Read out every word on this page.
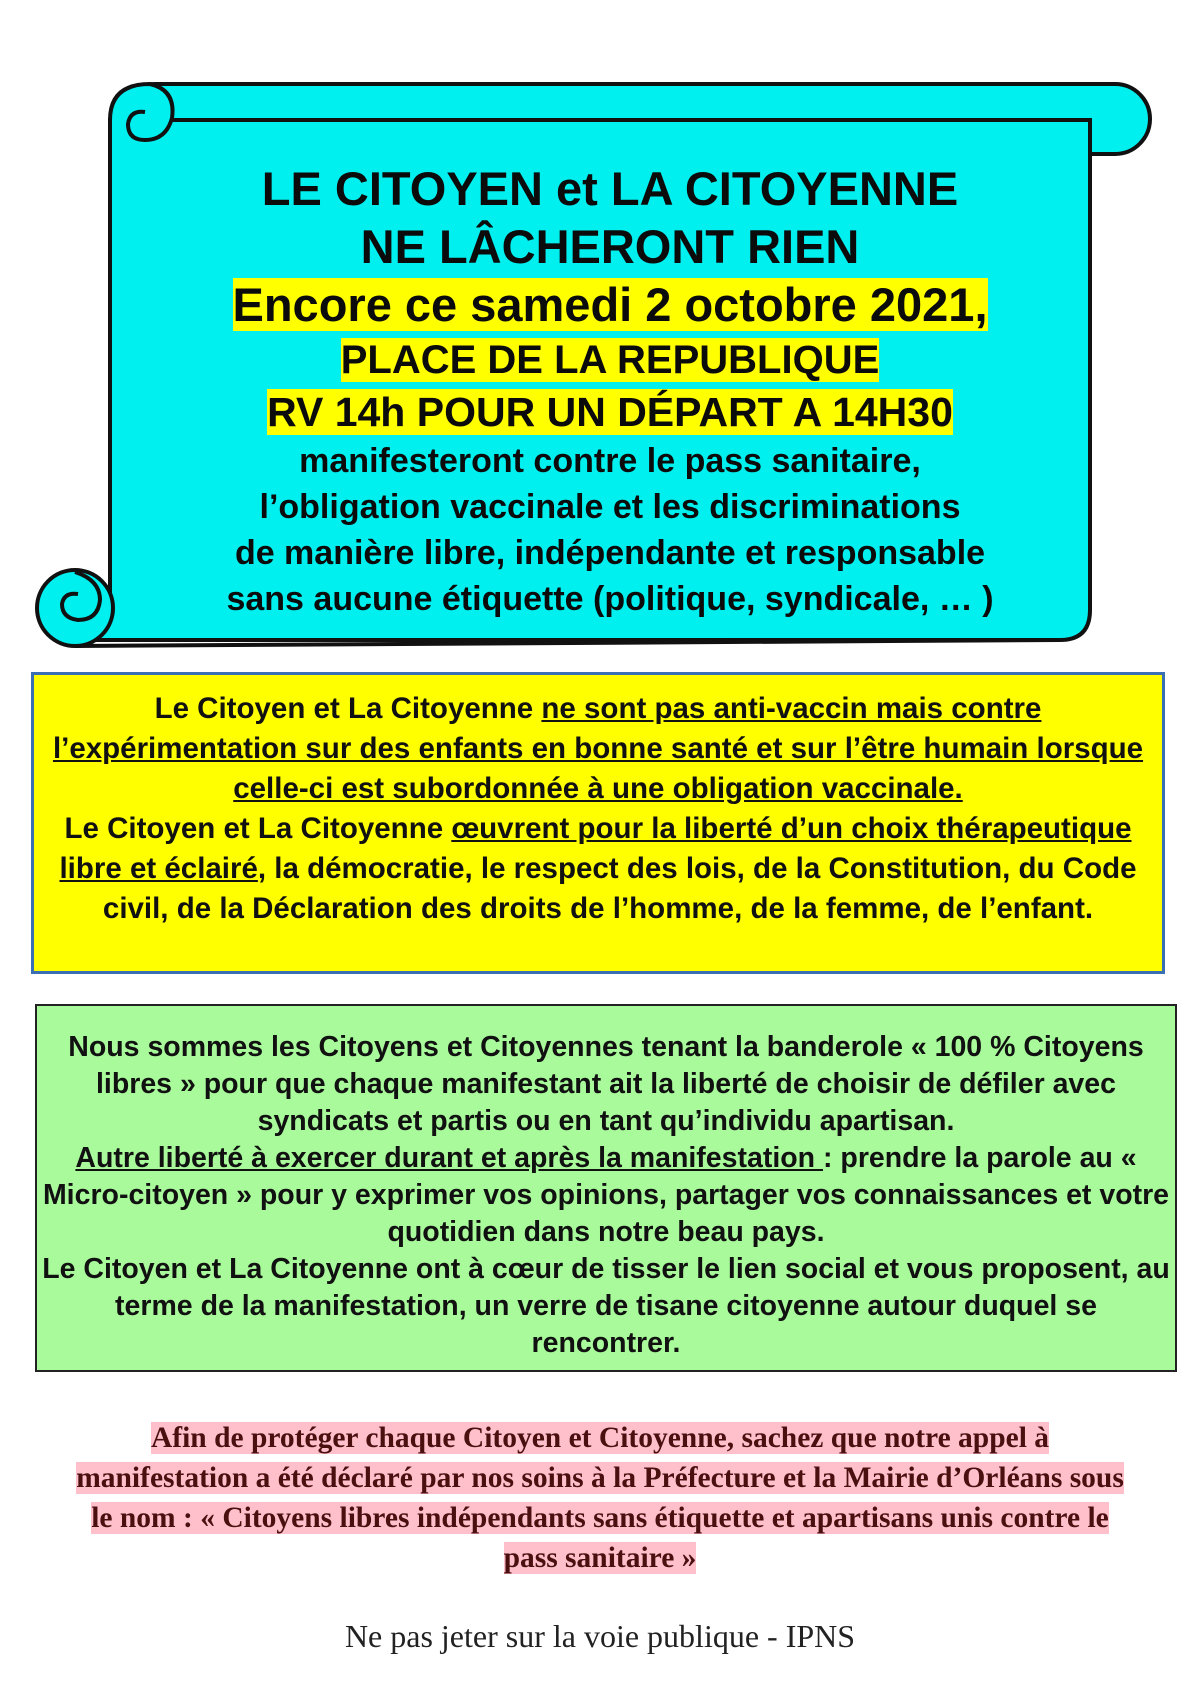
LE CITOYEN et LA CITOYENNE
NE LÂCHERONT RIEN
Encore ce samedi 2 octobre 2021,
PLACE DE LA REPUBLIQUE
RV 14h POUR UN DÉPART A 14H30
manifesteront contre le pass sanitaire,
l’obligation vaccinale et les discriminations
de manière libre, indépendante et responsable
sans aucune étiquette (politique, syndicale, … )
Le Citoyen et La Citoyenne ne sont pas anti-vaccin mais contre l’expérimentation sur des enfants en bonne santé et sur l’être humain lorsque celle-ci est subordonnée à une obligation vaccinale.
Le Citoyen et La Citoyenne œuvrent pour la liberté d’un choix thérapeutique libre et éclairé, la démocratie, le respect des lois, de la Constitution, du Code civil, de la Déclaration des droits de l’homme, de la femme, de l’enfant.
Nous sommes les Citoyens et Citoyennes tenant la banderole « 100 % Citoyens libres » pour que chaque manifestant ait la liberté de choisir de défiler avec syndicats et partis ou en tant qu’individu apartisan.
Autre liberté à exercer durant et après la manifestation : prendre la parole au « Micro-citoyen » pour y exprimer vos opinions, partager vos connaissances et votre quotidien dans notre beau pays.
Le Citoyen et La Citoyenne ont à cœur de tisser le lien social et vous proposent, au terme de la manifestation, un verre de tisane citoyenne autour duquel se rencontrer.
Afin de protéger chaque Citoyen et Citoyenne, sachez que notre appel à manifestation a été déclaré par nos soins à la Préfecture et la Mairie d’Orléans sous le nom : « Citoyens libres indépendants sans étiquette et apartisans unis contre le pass sanitaire »
Ne pas jeter sur la voie publique - IPNS
